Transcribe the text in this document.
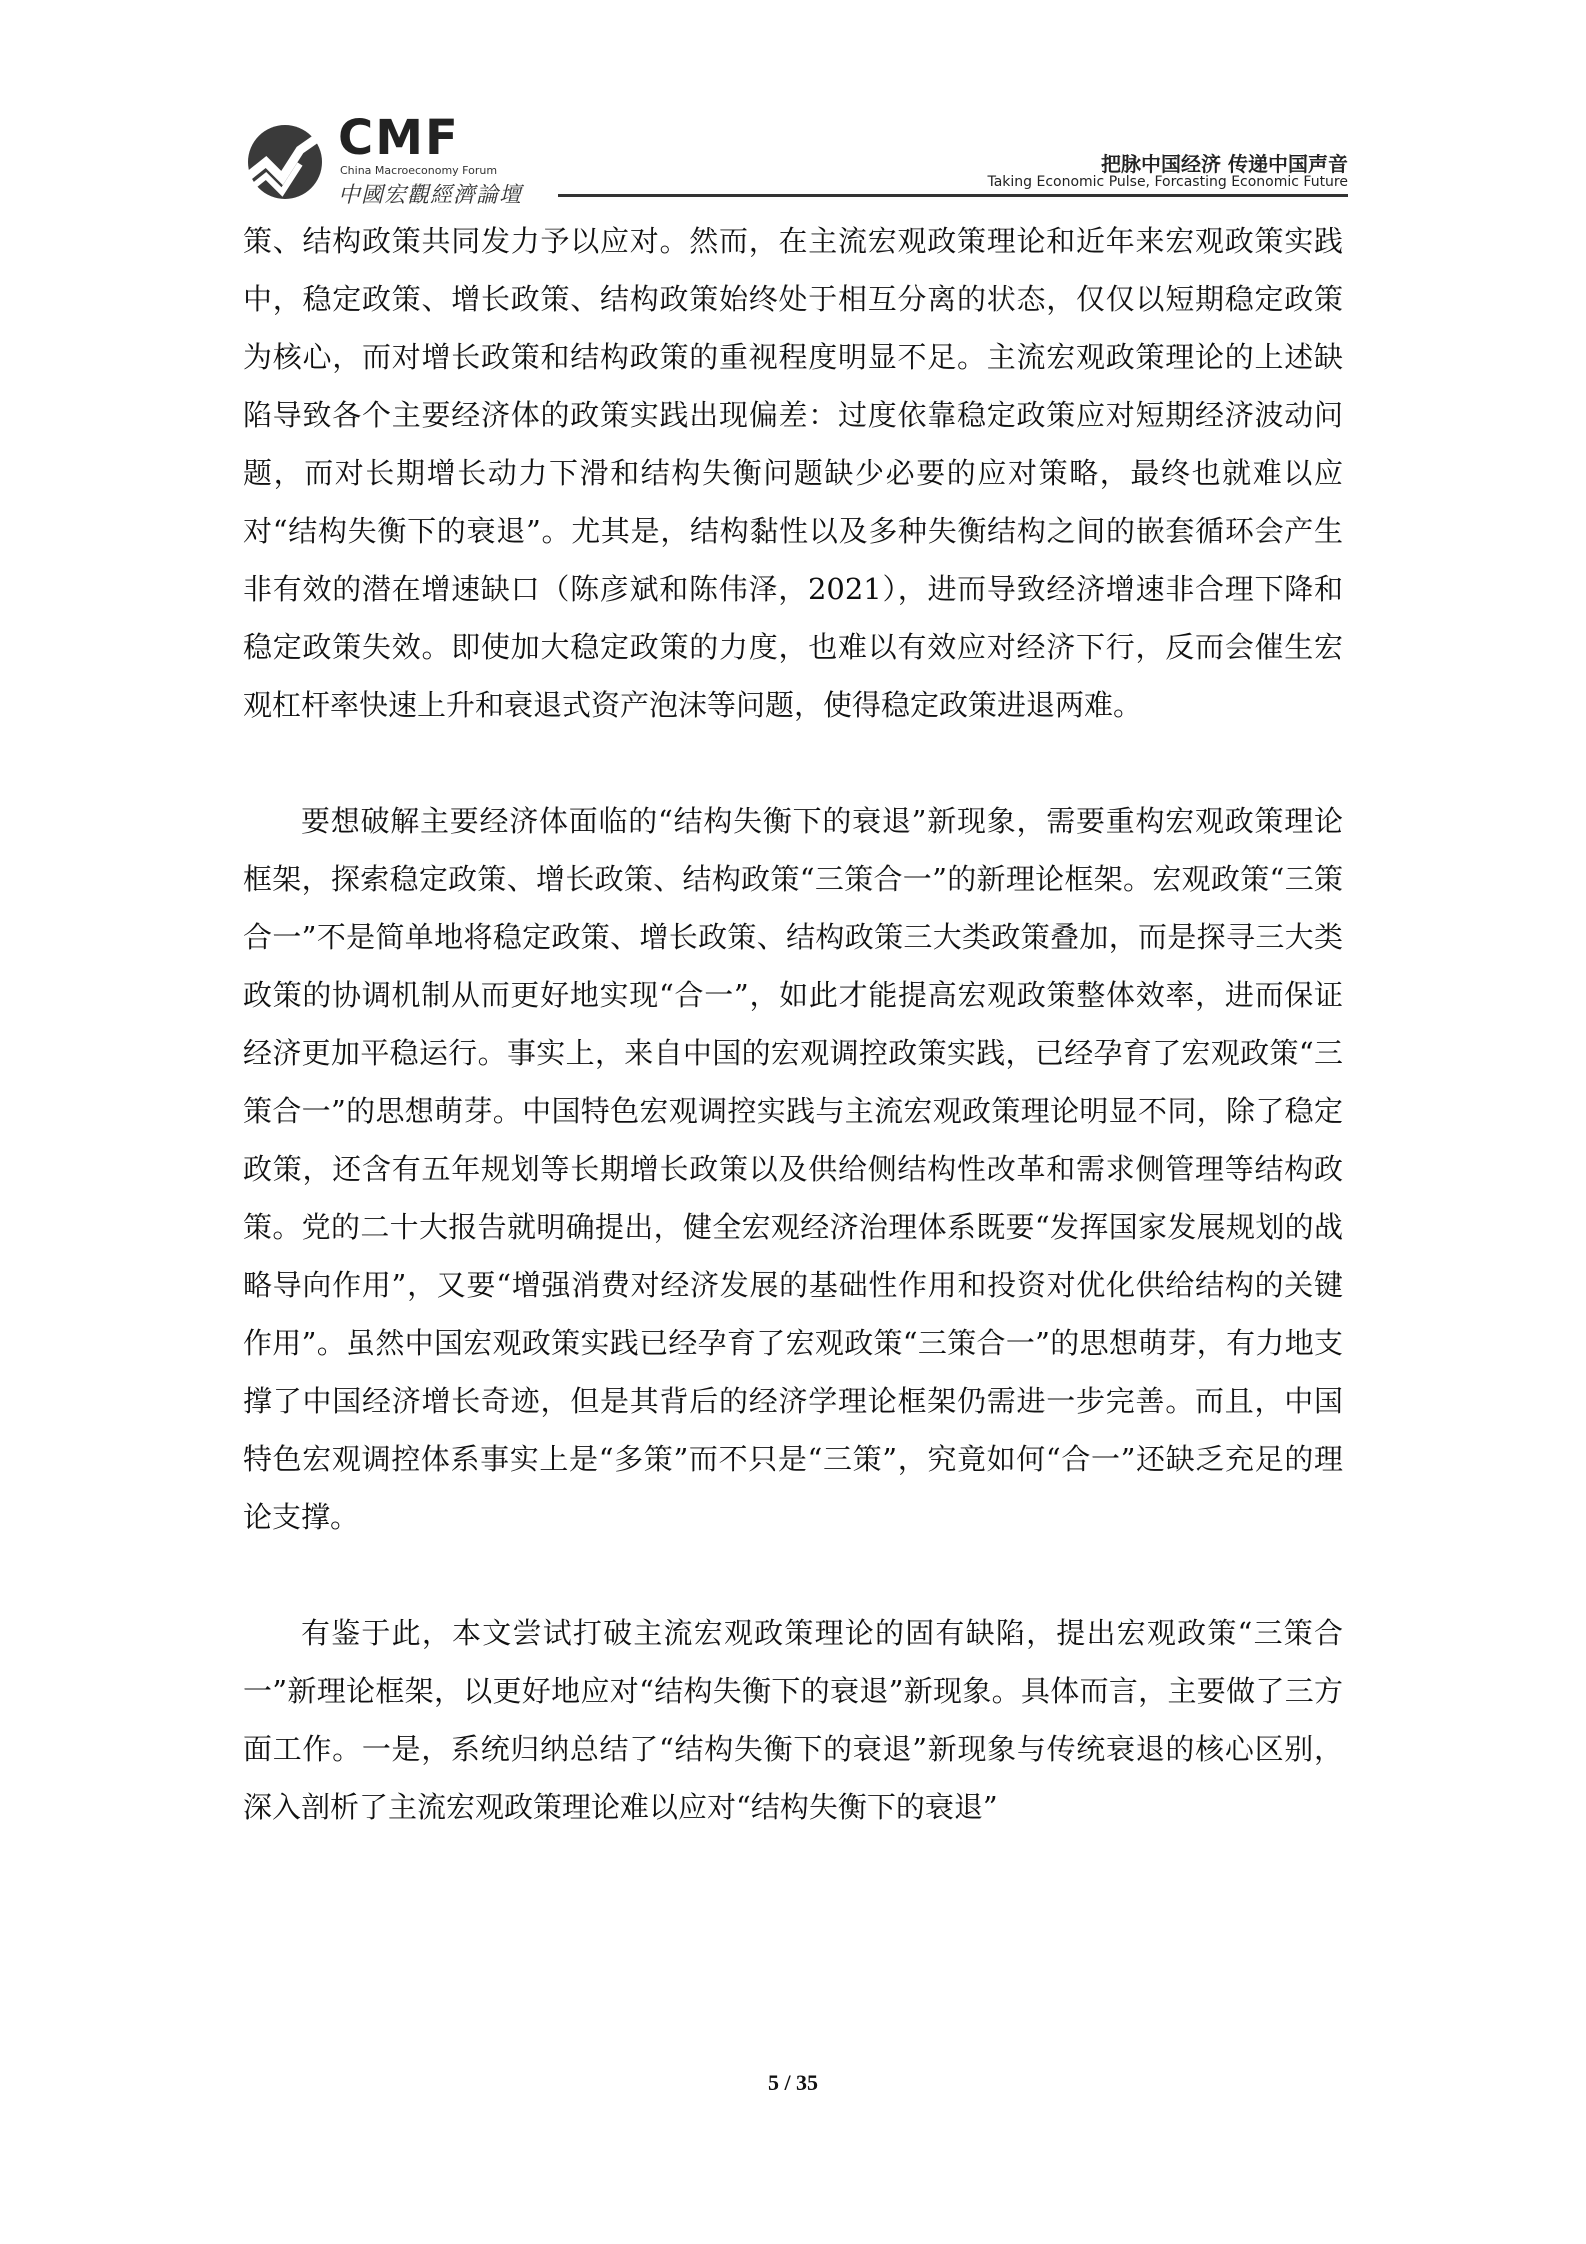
CMF
China Macroeconomy Forum
中國宏觀經濟論壇
把脉中国经济 传递中国声音
Taking Economic Pulse, Forcasting Economic Future

策、结构政策共同发力予以应对。然而，在主流宏观政策理论和近年来宏观政策实践中，稳定政策、增长政策、结构政策始终处于相互分离的状态，仅仅以短期稳定政策为核心，而对增长政策和结构政策的重视程度明显不足。主流宏观政策理论的上述缺陷导致各个主要经济体的政策实践出现偏差：过度依靠稳定政策应对短期经济波动问题，而对长期增长动力下滑和结构失衡问题缺少必要的应对策略，最终也就难以应对“结构失衡下的衰退”。尤其是，结构黏性以及多种失衡结构之间的嵌套循环会产生非有效的潜在增速缺口（陈彦斌和陈伟泽，2021），进而导致经济增速非合理下降和稳定政策失效。即使加大稳定政策的力度，也难以有效应对经济下行，反而会催生宏观杠杆率快速上升和衰退式资产泡沫等问题，使得稳定政策进退两难。

要想破解主要经济体面临的“结构失衡下的衰退”新现象，需要重构宏观政策理论框架，探索稳定政策、增长政策、结构政策“三策合一”的新理论框架。宏观政策“三策合一”不是简单地将稳定政策、增长政策、结构政策三大类政策叠加，而是探寻三大类政策的协调机制从而更好地实现“合一”，如此才能提高宏观政策整体效率，进而保证经济更加平稳运行。事实上，来自中国的宏观调控政策实践，已经孕育了宏观政策“三策合一”的思想萌芽。中国特色宏观调控实践与主流宏观政策理论明显不同，除了稳定政策，还含有五年规划等长期增长政策以及供给侧结构性改革和需求侧管理等结构政策。党的二十大报告就明确提出，健全宏观经济治理体系既要“发挥国家发展规划的战略导向作用”，又要“增强消费对经济发展的基础性作用和投资对优化供给结构的关键作用”。虽然中国宏观政策实践已经孕育了宏观政策“三策合一”的思想萌芽，有力地支撑了中国经济增长奇迹，但是其背后的经济学理论框架仍需进一步完善。而且，中国特色宏观调控体系事实上是“多策”而不只是“三策”，究竟如何“合一”还缺乏充足的理论支撑。

有鉴于此，本文尝试打破主流宏观政策理论的固有缺陷，提出宏观政策“三策合一”新理论框架，以更好地应对“结构失衡下的衰退”新现象。具体而言，主要做了三方面工作。一是，系统归纳总结了“结构失衡下的衰退”新现象与传统衰退的核心区别，深入剖析了主流宏观政策理论难以应对“结构失衡下的衰退”

5 / 35
